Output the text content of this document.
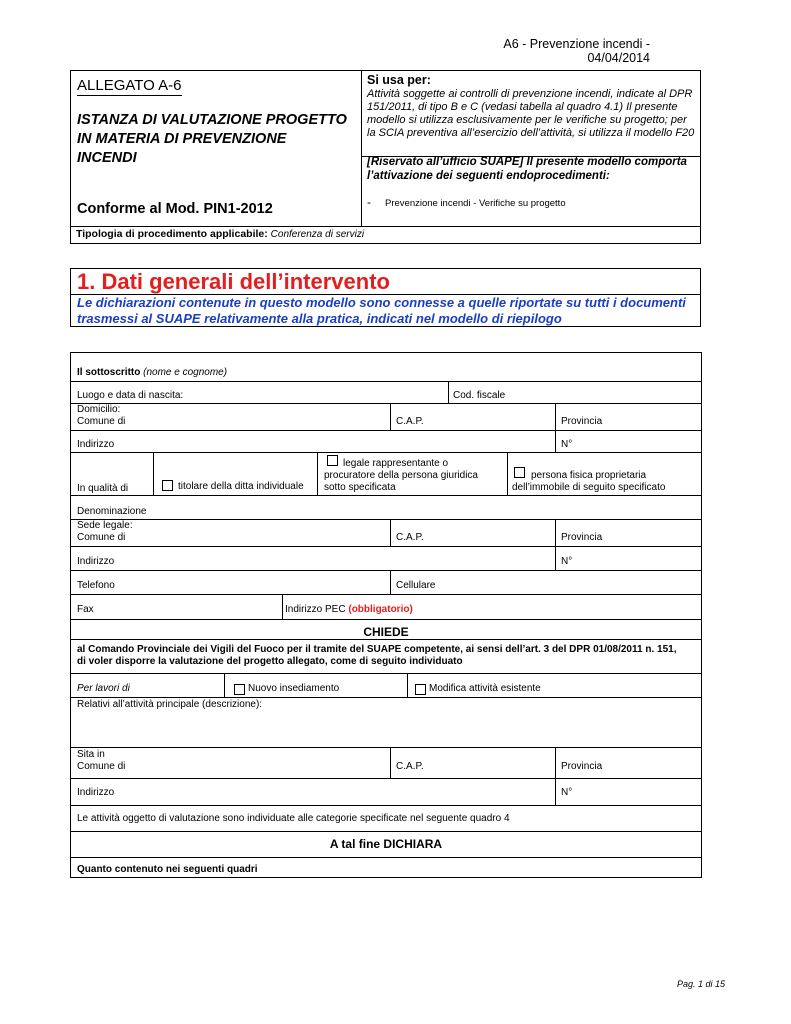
A6 - Prevenzione incendi - 04/04/2014
ALLEGATO A-6
ISTANZA DI VALUTAZIONE PROGETTO IN MATERIA DI PREVENZIONE INCENDI
Conforme al Mod. PIN1-2012
Si usa per:
Attività soggette ai controlli di prevenzione incendi, indicate al DPR 151/2011, di tipo B e C (vedasi tabella al quadro 4.1) Il presente modello si utilizza esclusivamente per le verifiche su progetto; per la SCIA preventiva all’esercizio dell’attività, si utilizza il modello F20
[Riservato all’ufficio SUAPE] Il presente modello comporta l’attivazione dei seguenti endoprocedimenti:
- Prevenzione incendi - Verifiche su progetto
Tipologia di procedimento applicabile: Conferenza di servizi
1. Dati generali dell’intervento
Le dichiarazioni contenute in questo modello sono connesse a quelle riportate su tutti i documenti trasmessi al SUAPE relativamente alla pratica, indicati nel modello di riepilogo
Il sottoscritto (nome e cognome)
Luogo e data di nascita:	Cod. fiscale
Domicilio:
Comune di	C.A.P.	Provincia
Indirizzo	N°
In qualità di	titolare della ditta individuale
legale rappresentante o
procuratore della persona giuridica
sotto specificata
persona fisica proprietaria
dell’immobile di seguito specificato
Denominazione
Sede legale:
Comune di	C.A.P.	Provincia
Indirizzo	N°
Telefono	Cellulare
Fax	Indirizzo PEC (obbligatorio)
CHIEDE
al Comando Provinciale dei Vigili del Fuoco per il tramite del SUAPE competente, ai sensi dell’art. 3 del DPR 01/08/2011 n. 151,
di voler disporre la valutazione del progetto allegato, come di seguito individuato
Per lavori di	Nuovo insediamento	Modifica attività esistente
Relativi all’attività principale (descrizione):
Sita in
Comune di	C.A.P.	Provincia
Indirizzo	N°
Le attività oggetto di valutazione sono individuate alle categorie specificate nel seguente quadro 4
A tal fine DICHIARA
Quanto contenuto nei seguenti quadri
Pag. 1 di 15
